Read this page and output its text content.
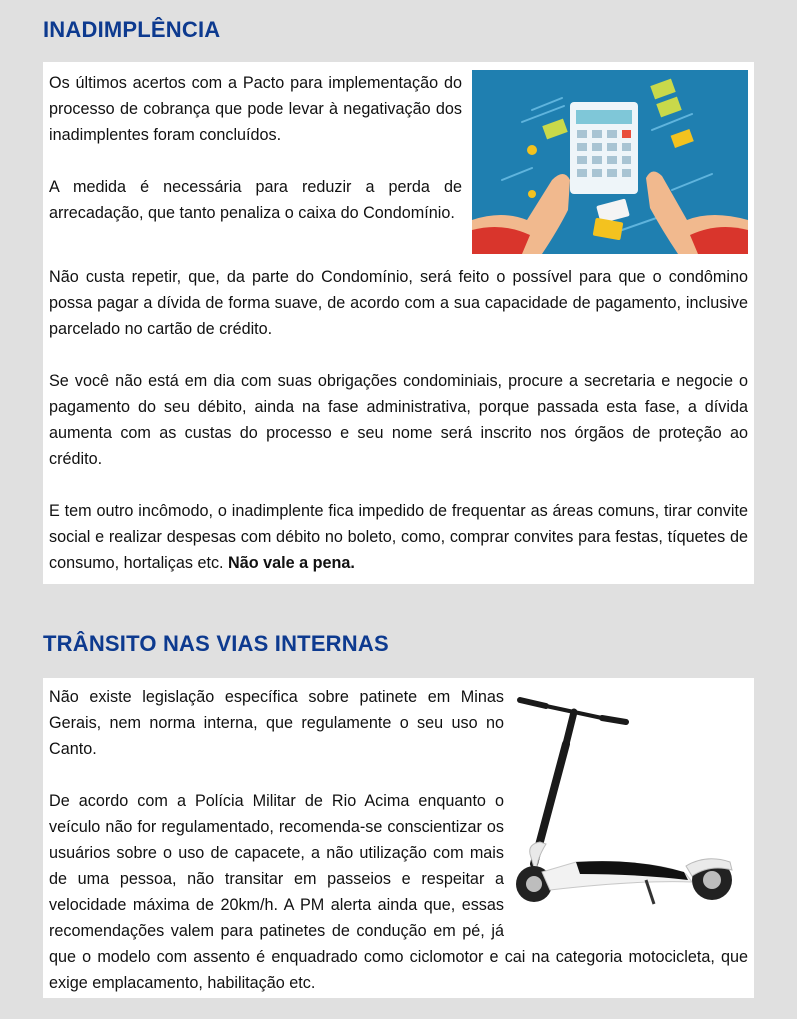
INADIMPLÊNCIA

Os últimos acertos com a Pacto para implementação do processo de cobrança que pode levar à negativação dos inadimplentes foram concluídos.

A medida é necessária para reduzir a perda de arrecadação, que tanto penaliza o caixa do Condomínio.

Não custa repetir, que, da parte do Condomínio, será feito o possível para que o condômino possa pagar a dívida de forma suave, de acordo com a sua capacidade de pagamento, inclusive parcelado no cartão de crédito.

Se você não está em dia com suas obrigações condominiais, procure a secretaria e negocie o pagamento do seu débito, ainda na fase administrativa, porque passada esta fase, a dívida aumenta com as custas do processo e seu nome será inscrito nos órgãos de proteção ao crédito.

E tem outro incômodo, o inadimplente fica impedido de frequentar as áreas comuns, tirar convite social e realizar despesas com débito no boleto, como, comprar convites para festas, tíquetes de consumo, hortaliças etc. Não vale a pena.

TRÂNSITO NAS VIAS INTERNAS

Não existe legislação específica sobre patinete em Minas Gerais, nem norma interna, que regulamente o seu uso no Canto.

De acordo com a Polícia Militar de Rio Acima enquanto o veículo não for regulamentado, recomenda-se conscientizar os usuários sobre o uso de capacete, a não utilização com mais de uma pessoa, não transitar em passeios e respeitar a velocidade máxima de 20km/h. A PM alerta ainda que, essas recomendações valem para patinetes de condução em pé, já que o modelo com assento é enquadrado como ciclomotor e cai na categoria motocicleta, que exige emplacamento, habilitação etc.
